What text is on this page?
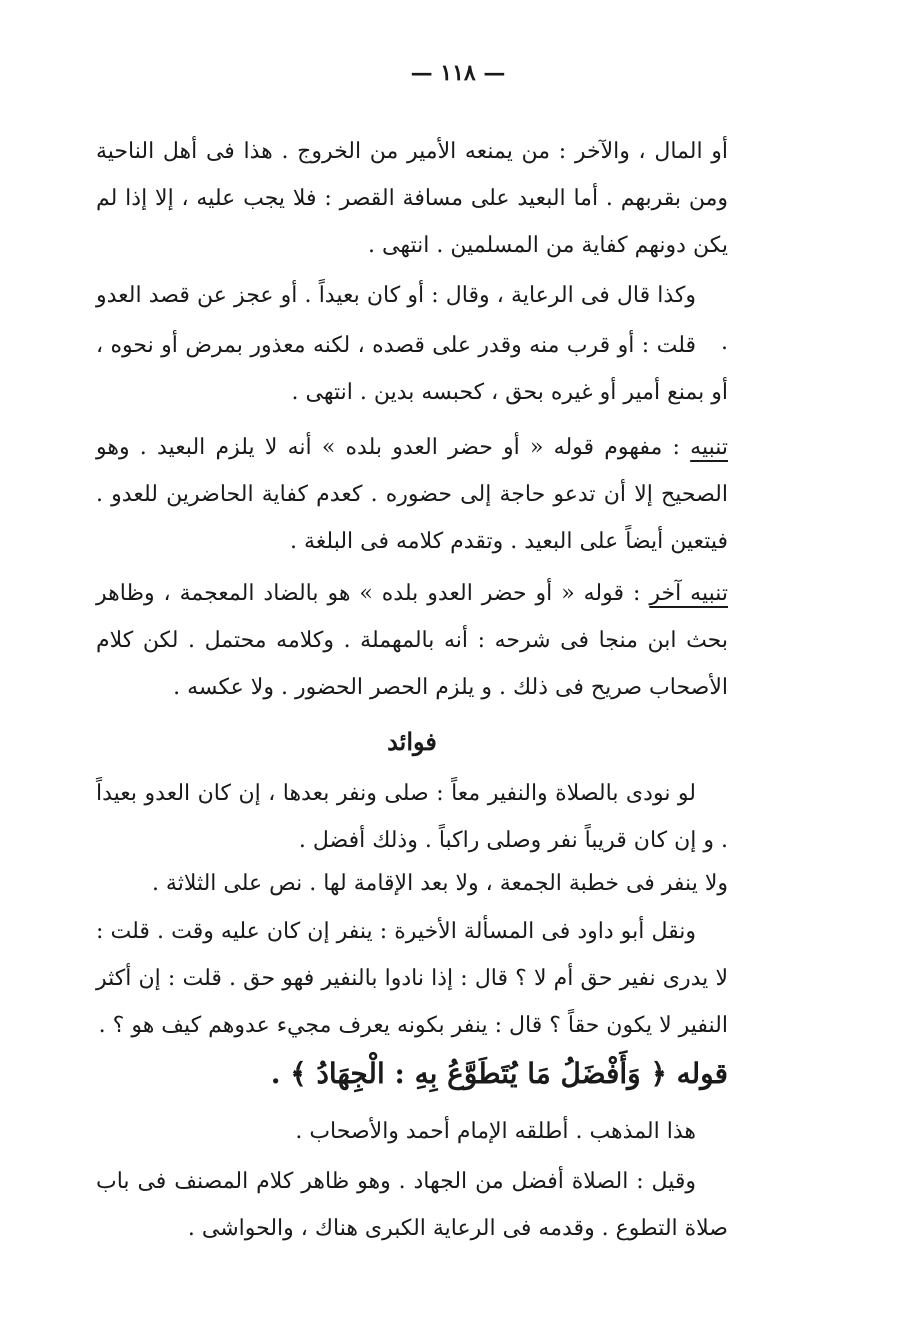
— ١١٨ —

أو المال ، والآخر : من يمنعه الأمير من الخروج . هذا فى أهل الناحية ومن بقربهم . أما البعيد على مسافة القصر : فلا يجب عليه ، إلا إذا لم يكن دونهم كفاية من المسلمين . انتهى .

وكذا قال فى الرعاية ، وقال : أو كان بعيداً . أو عجز عن قصد العدو .

قلت : أو قرب منه وقدر على قصده ، لكنه معذور بمرض أو نحوه ، أو بمنع أمير أو غيره بحق ، كحبسه بدين . انتهى .

تنبيه : مفهوم قوله « أو حضر العدو بلده » أنه لا يلزم البعيد . وهو الصحيح إلا أن تدعو حاجة إلى حضوره . كعدم كفاية الحاضرين للعدو . فيتعين أيضاً على البعيد . وتقدم كلامه فى البلغة .

تنبيه آخر : قوله « أو حضر العدو بلده » هو بالضاد المعجمة ، وظاهر بحث ابن منجا فى شرحه : أنه بالمهملة . وكلامه محتمل . لكن كلام الأصحاب صريح فى ذلك . و يلزم الحصر الحضور . ولا عكسه .

فوائد

لو نودى بالصلاة والنفير معاً : صلى ونفر بعدها ، إن كان العدو بعيداً . و إن كان قريباً نفر وصلى راكباً . وذلك أفضل .

ولا ينفر فى خطبة الجمعة ، ولا بعد الإقامة لها . نص على الثلاثة .

ونقل أبو داود فى المسألة الأخيرة : ينفر إن كان عليه وقت . قلت : لا يدرى نفير حق أم لا ؟ قال : إذا نادوا بالنفير فهو حق . قلت : إن أكثر النفير لا يكون حقاً ؟ قال : ينفر بكونه يعرف مجيء عدوهم كيف هو ؟ .

قوله ﴿ وَأَفْضَلُ مَا يُتَطَوَّعُ بِهِ : الْجِهَادُ ﴾ .

هذا المذهب . أطلقه الإمام أحمد والأصحاب .

وقيل : الصلاة أفضل من الجهاد . وهو ظاهر كلام المصنف فى باب صلاة التطوع . وقدمه فى الرعاية الكبرى هناك ، والحواشى .
